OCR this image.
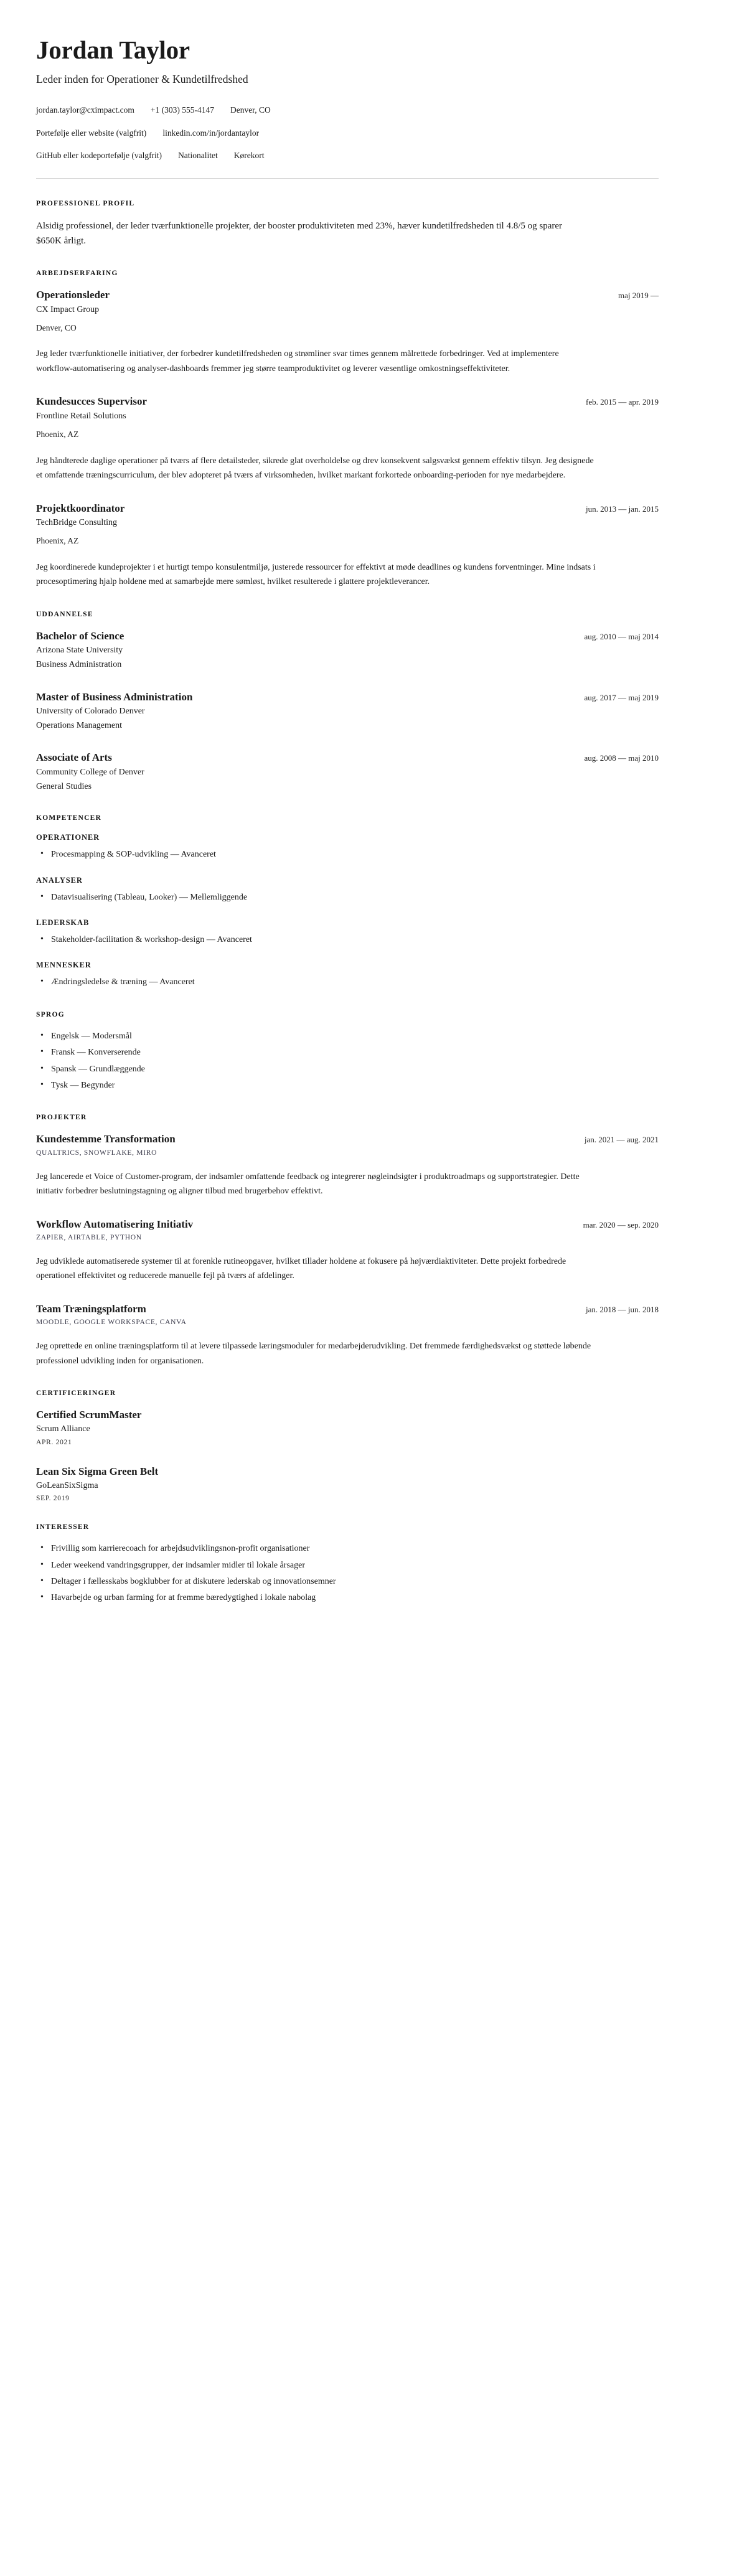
Jordan Taylor
Leder inden for Operationer & Kundetilfredshed
jordan.taylor@cximpact.com +1 (303) 555-4147 Denver, CO
Portefølje eller website (valgfrit) linkedin.com/in/jordantaylor
GitHub eller kodeportefølje (valgfrit) Nationalitet Kørekort
PROFESSIONEL PROFIL

Alsidig professionel, der leder tværfunktionelle projekter, der booster produktiviteten med 23%, hæver kundetilfredsheden til 4.8/5 og sparer $650K årligt.

ARBEJDSERFARING
Operationsleder	maj 2019 —
CX Impact Group
Denver, CO

Jeg leder tværfunktionelle initiativer, der forbedrer kundetilfredsheden og strømliner svar times gennem målrettede forbedringer. Ved at implementere workflow-automatisering og analyser-dashboards fremmer jeg større teamproduktivitet og leverer væsentlige omkostningseffektiviteter.

Kundesucces Supervisor	feb. 2015 — apr. 2019
Frontline Retail Solutions
Phoenix, AZ

Jeg håndterede daglige operationer på tværs af flere detailsteder, sikrede glat overholdelse og drev konsekvent salgsvækst gennem effektiv tilsyn. Jeg designede et omfattende træningscurriculum, der blev adopteret på tværs af virksomheden, hvilket markant forkortede onboarding-perioden for nye medarbejdere.

Projektkoordinator	jun. 2013 — jan. 2015
TechBridge Consulting
Phoenix, AZ

Jeg koordinerede kundeprojekter i et hurtigt tempo konsulentmiljø, justerede ressourcer for effektivt at møde deadlines og kundens forventninger. Mine indsats i procesoptimering hjalp holdene med at samarbejde mere sømløst, hvilket resulterede i glattere projektleverancer.

UDDANNELSE
Bachelor of Science	aug. 2010 — maj 2014
Arizona State University
Business Administration
Master of Business Administration	aug. 2017 — maj 2019
University of Colorado Denver
Operations Management
Associate of Arts	aug. 2008 — maj 2010
Community College of Denver
General Studies
KOMPETENCER
OPERATIONER
• Procesmapping & SOP-udvikling — Avanceret
ANALYSER
• Datavisualisering (Tableau, Looker) — Mellemliggende
LEDERSKAB
• Stakeholder-facilitation & workshop-design — Avanceret
MENNESKER
• Ændringsledelse & træning — Avanceret
SPROG
• Engelsk — Modersmål
• Fransk — Konverserende
• Spansk — Grundlæggende
• Tysk — Begynder
PROJEKTER
Kundestemme Transformation	jan. 2021 — aug. 2021
QUALTRICS, SNOWFLAKE, MIRO

Jeg lancerede et Voice of Customer-program, der indsamler omfattende feedback og integrerer nøgleindsigter i produktroadmaps og supportstrategier. Dette initiativ forbedrer beslutningstagning og aligner tilbud med brugerbehov effektivt.

Workflow Automatisering Initiativ	mar. 2020 — sep. 2020
ZAPIER, AIRTABLE, PYTHON

Jeg udviklede automatiserede systemer til at forenkle rutineopgaver, hvilket tillader holdene at fokusere på højværdiaktiviteter. Dette projekt forbedrede operationel effektivitet og reducerede manuelle fejl på tværs af afdelinger.

Team Træningsplatform	jan. 2018 — jun. 2018
MOODLE, GOOGLE WORKSPACE, CANVA

Jeg oprettede en online træningsplatform til at levere tilpassede læringsmoduler for medarbejderudvikling. Det fremmede færdighedsvækst og støttede løbende professionel udvikling inden for organisationen.

CERTIFICERINGER
Certified ScrumMaster
Scrum Alliance
APR. 2021
Lean Six Sigma Green Belt
GoLeanSixSigma
SEP. 2019
INTERESSER
• Frivillig som karrierecoach for arbejdsudviklingsnon-profit organisationer
• Leder weekend vandringsgrupper, der indsamler midler til lokale årsager
• Deltager i fællesskabs bogklubber for at diskutere lederskab og innovationsemner
• Havarbejde og urban farming for at fremme bæredygtighed i lokale nabolag
